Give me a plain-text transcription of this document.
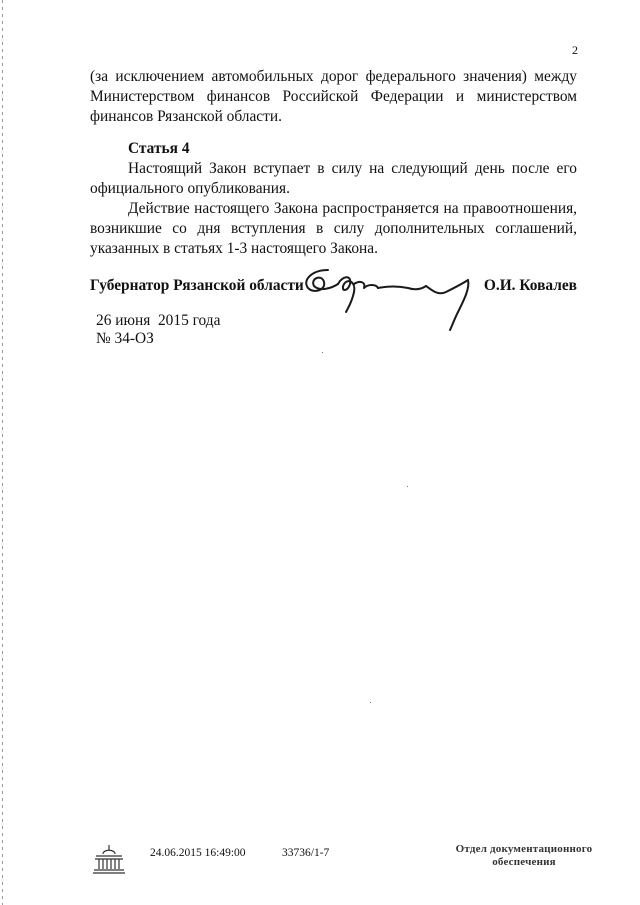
2

(за исключением автомобильных дорог федерального значения) между Министерством финансов Российской Федерации и министерством финансов Рязанской области.

Статья 4

Настоящий Закон вступает в силу на следующий день после его официального опубликования.

Действие настоящего Закона распространяется на правоотношения, возникшие со дня вступления в силу дополнительных соглашений, указанных в статьях 1-3 настоящего Закона.

Губернатор Рязанской области	О.И. Ковалев
26 июня  2015 года
№ 34-ОЗ
24.06.2015 16:49:00	33736/1-7	Отдел документационного
обеспечения
